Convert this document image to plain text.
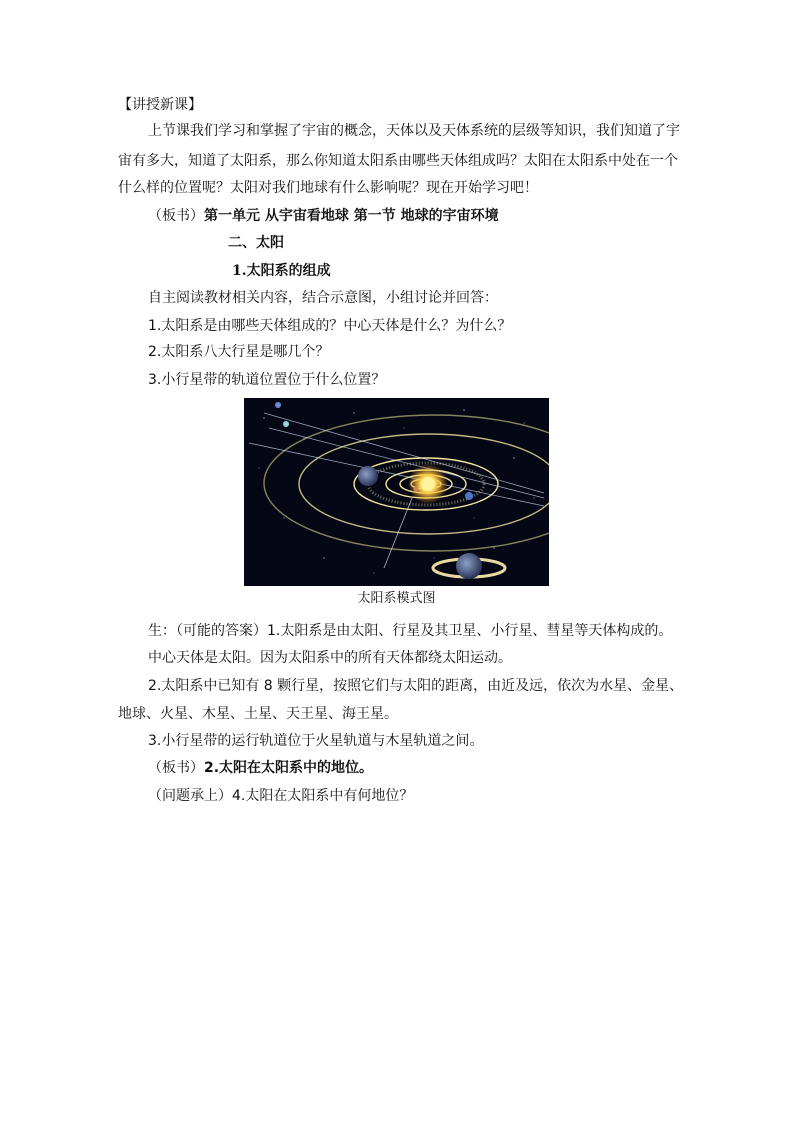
【讲授新课】
上节课我们学习和掌握了宇宙的概念，天体以及天体系统的层级等知识，我们知道了宇
宙有多大，知道了太阳系，那么你知道太阳系由哪些天体组成吗？太阳在太阳系中处在一个
什么样的位置呢？太阳对我们地球有什么影响呢？现在开始学习吧！
（板书）第一单元 从宇宙看地球 第一节 地球的宇宙环境
二、太阳
1.太阳系的组成
自主阅读教材相关内容，结合示意图，小组讨论并回答：
1.太阳系是由哪些天体组成的？中心天体是什么？为什么？
2.太阳系八大行星是哪几个？
3.小行星带的轨道位置位于什么位置？
太阳系模式图
生：（可能的答案）1.太阳系是由太阳、行星及其卫星、小行星、彗星等天体构成的。
中心天体是太阳。因为太阳系中的所有天体都绕太阳运动。
2.太阳系中已知有 8 颗行星，按照它们与太阳的距离，由近及远，依次为水星、金星、
地球、火星、木星、土星、天王星、海王星。
3.小行星带的运行轨道位于火星轨道与木星轨道之间。
（板书）2.太阳在太阳系中的地位。
（问题承上）4.太阳在太阳系中有何地位？
